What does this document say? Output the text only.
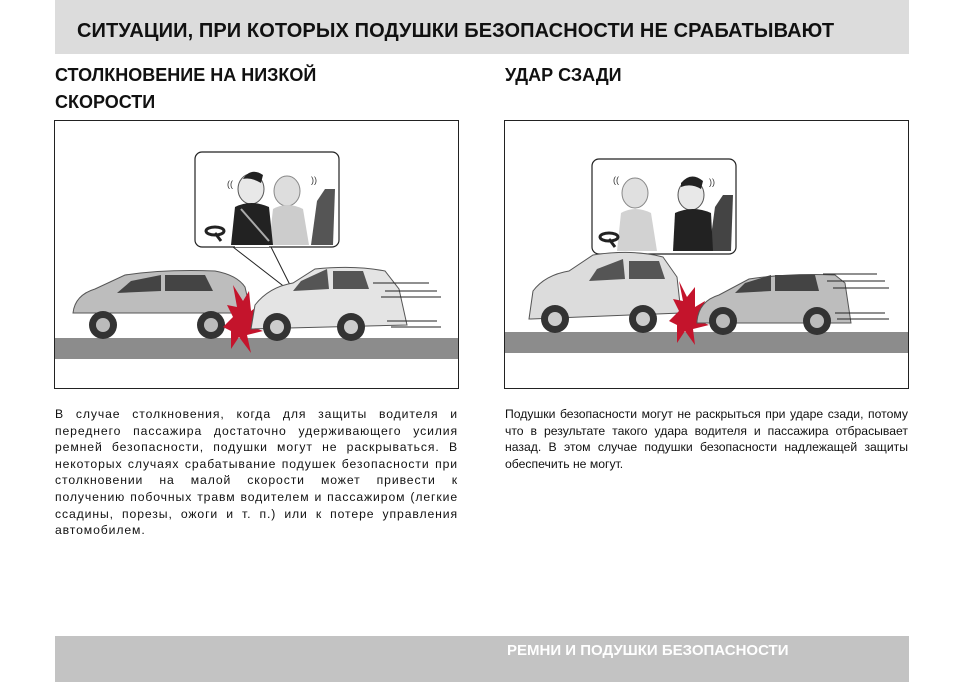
СИТУАЦИИ, ПРИ КОТОРЫХ ПОДУШКИ БЕЗОПАСНОСТИ НЕ СРАБАТЫВАЮТ
СТОЛКНОВЕНИЕ НА НИЗКОЙ СКОРОСТИ
((	))

В случае столкновения, когда для защиты водителя и переднего пассажира достаточно удерживающего усилия ремней безопасности, подушки могут не раскрываться. В некоторых случаях срабатывание подушек безопасности при столкновении на малой скорости может привести к получению побочных травм водителем и пассажиром (легкие ссадины, порезы, ожоги и т. п.) или к потере управления автомобилем.

УДАР СЗАДИ
((	))

Подушки безопасности могут не раскрыться при ударе сзади, потому что в результате такого удара водителя и пассажира отбрасывает назад. В этом случае подушки безопасности надлежащей защиты обеспечить не могут.

РЕМНИ И ПОДУШКИ БЕЗОПАСНОСТИ
